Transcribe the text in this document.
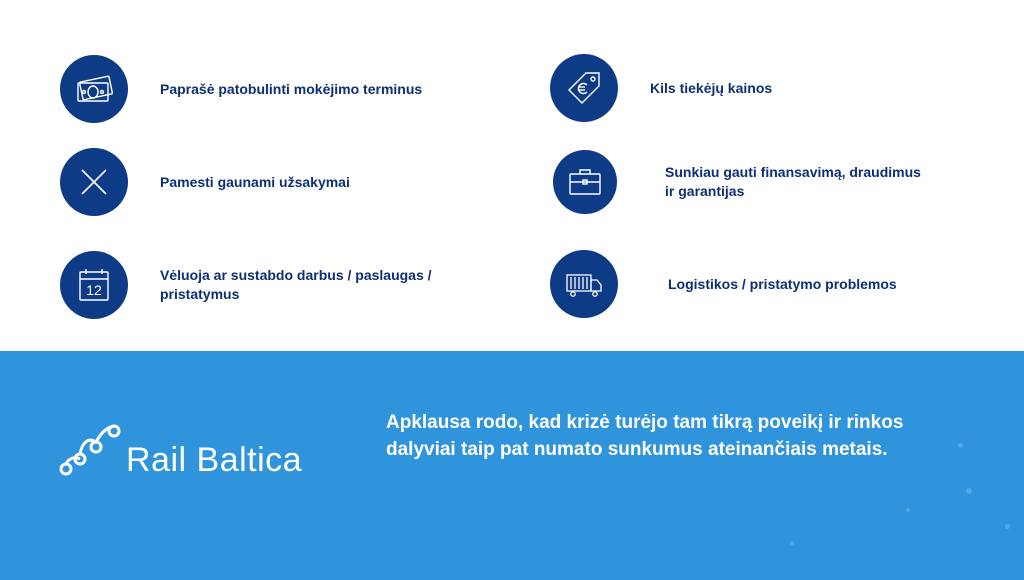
Paprašė patobulinti mokėjimo terminus	Kils tiekėjų kainos
Pamesti gaunami užsakymai
Sunkiau gauti finansavimą, draudimus
ir garantijas
12
Vėluoja ar sustabdo darbus / paslaugas /
pristatymus
Logistikos / pristatymo problemos
Rail Baltica
Apklausa rodo, kad krizė turėjo tam tikrą poveikį ir rinkos dalyviai taip pat numato sunkumus ateinančiais metais.
